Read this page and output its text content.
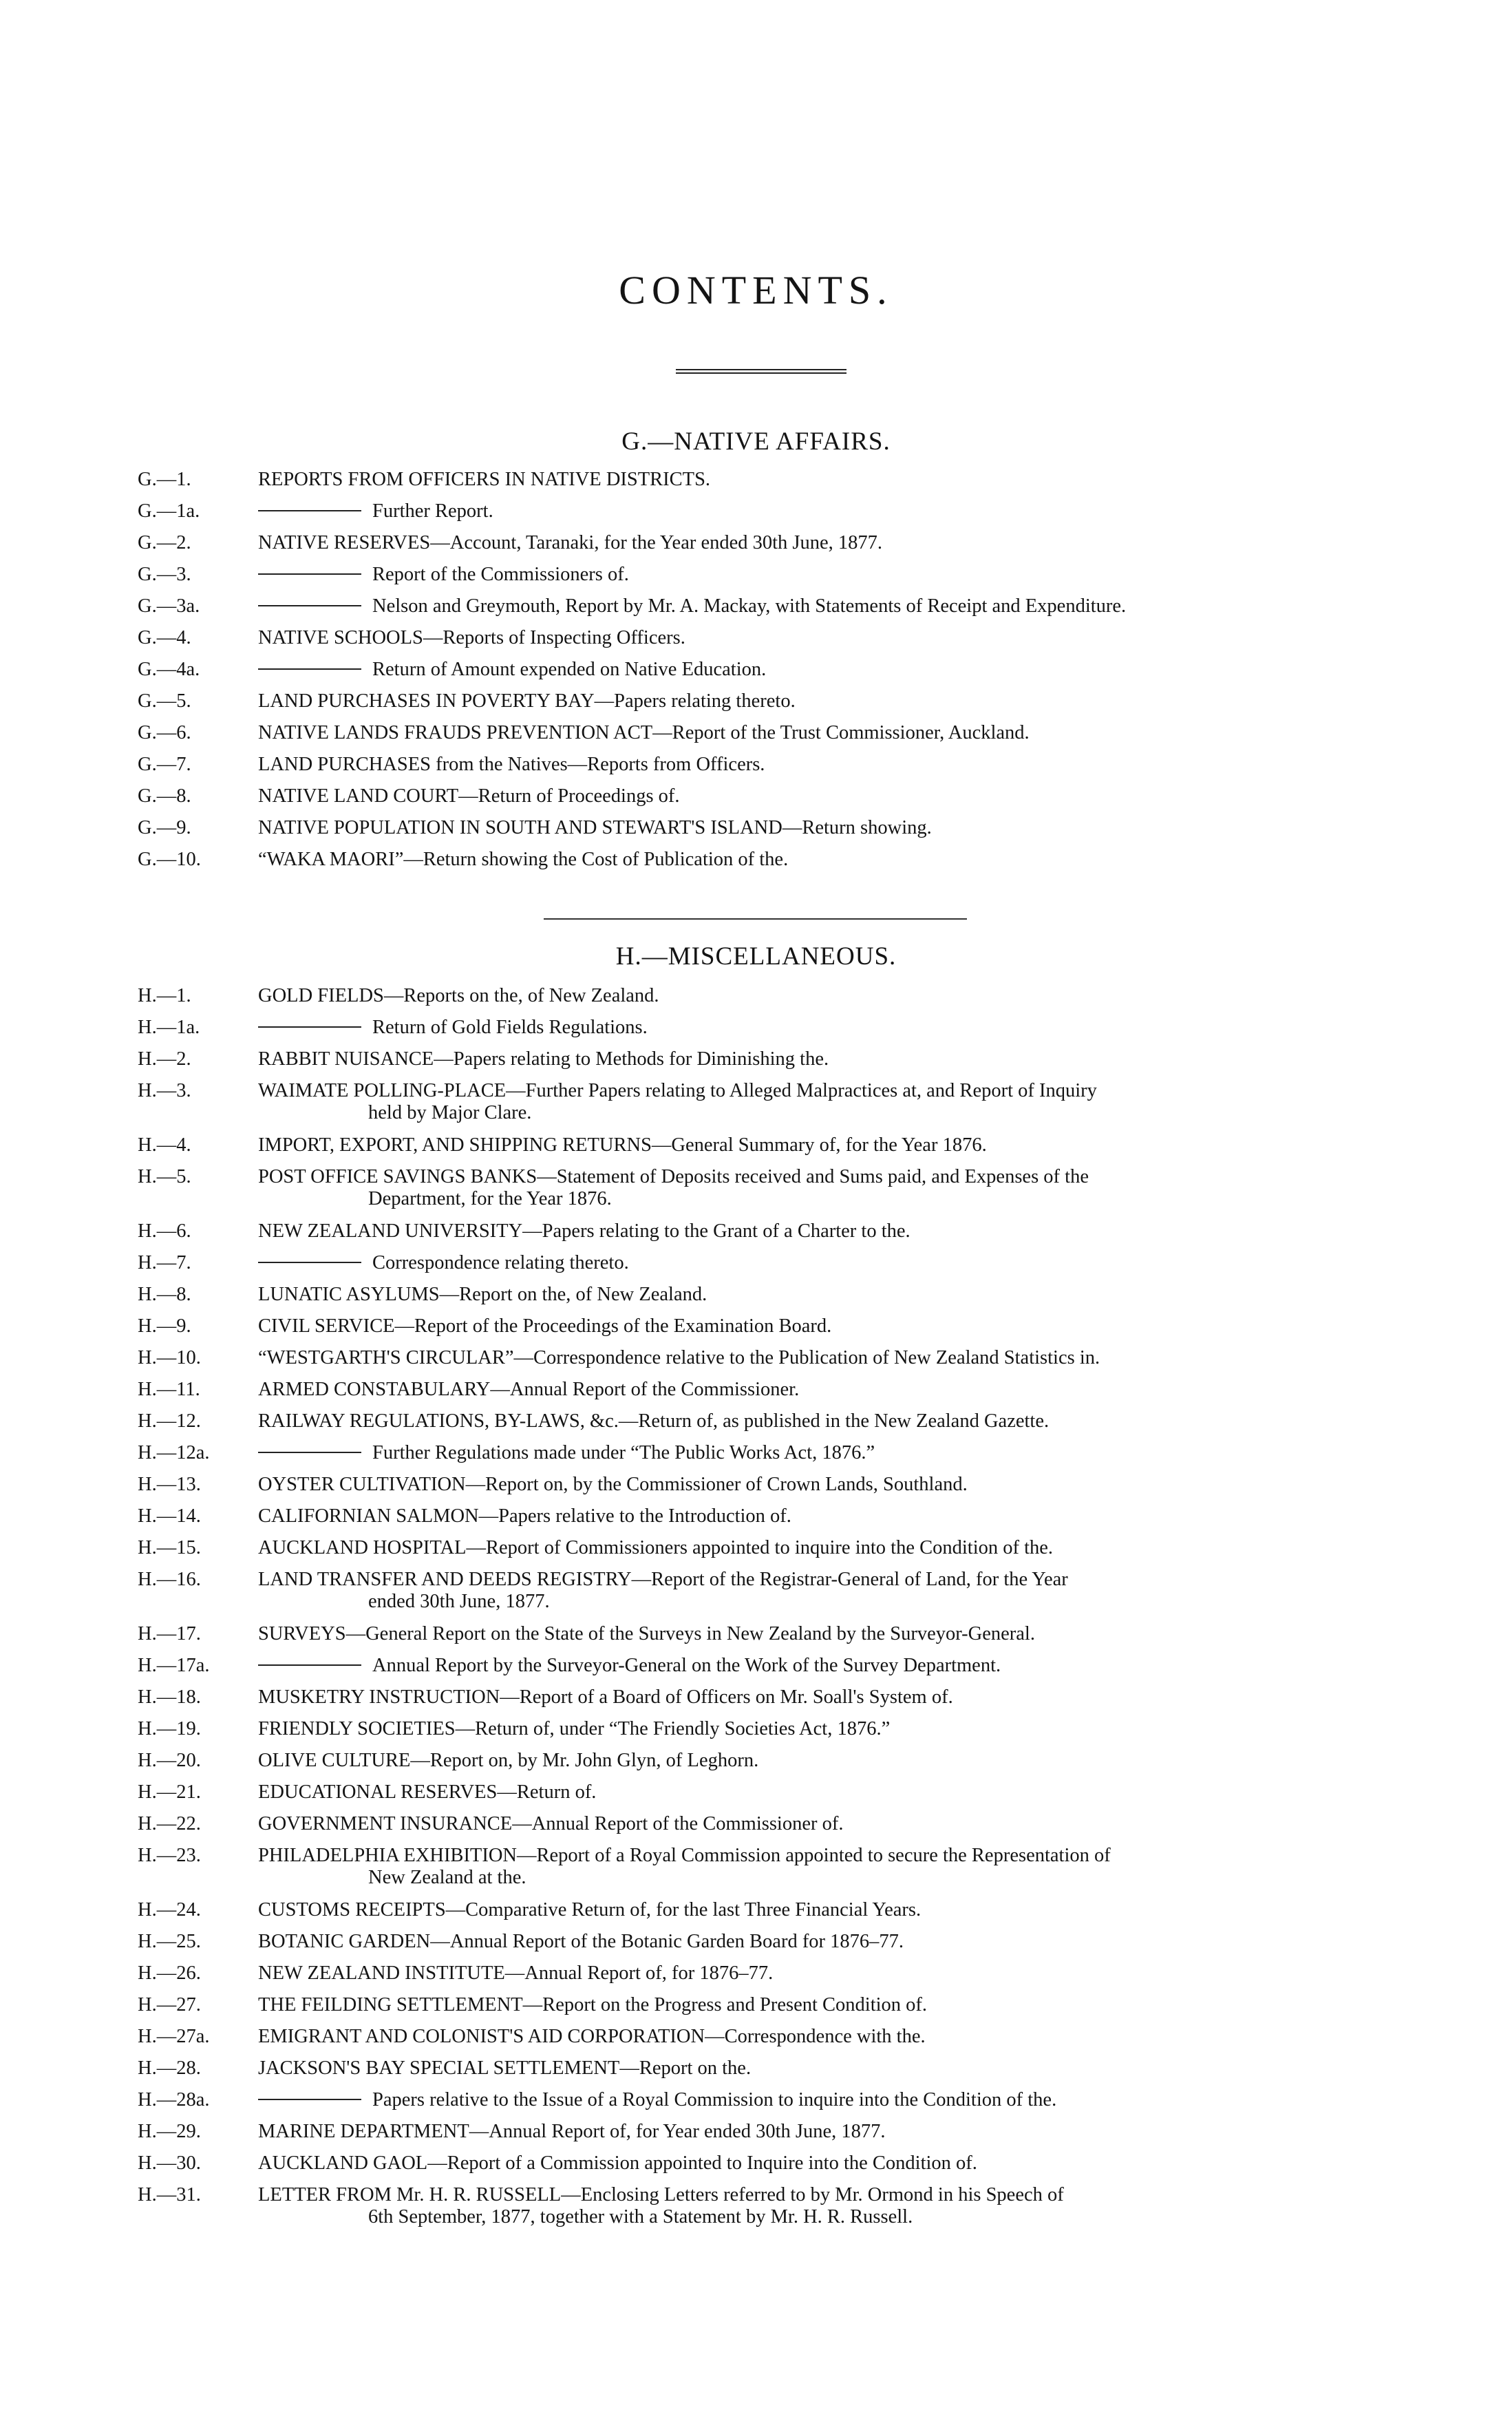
CONTENTS.
G.—NATIVE AFFAIRS.
G.—1.	REPORTS FROM OFFICERS IN NATIVE DISTRICTS.
G.—1a.	Further Report.
G.—2.	NATIVE RESERVES—Account, Taranaki, for the Year ended 30th June, 1877.
G.—3.	Report of the Commissioners of.
G.—3a.	Nelson and Greymouth, Report by Mr. A. Mackay, with Statements of Receipt and Expenditure.
G.—4.	NATIVE SCHOOLS—Reports of Inspecting Officers.
G.—4a.	Return of Amount expended on Native Education.
G.—5.	LAND PURCHASES IN POVERTY BAY—Papers relating thereto.
G.—6.	NATIVE LANDS FRAUDS PREVENTION ACT—Report of the Trust Commissioner, Auckland.
G.—7.	LAND PURCHASES from the Natives—Reports from Officers.
G.—8.	NATIVE LAND COURT—Return of Proceedings of.
G.—9.	NATIVE POPULATION IN SOUTH AND STEWART'S ISLAND—Return showing.
G.—10.	“WAKA MAORI”—Return showing the Cost of Publication of the.
H.—MISCELLANEOUS.
H.—1.	GOLD FIELDS—Reports on the, of New Zealand.
H.—1a.	Return of Gold Fields Regulations.
H.—2.	RABBIT NUISANCE—Papers relating to Methods for Diminishing the.
H.—3.	WAIMATE POLLING-PLACE—Further Papers relating to Alleged Malpractices at, and Report of Inquiry
held by Major Clare.
H.—4.	IMPORT, EXPORT, AND SHIPPING RETURNS—General Summary of, for the Year 1876.
H.—5.	POST OFFICE SAVINGS BANKS—Statement of Deposits received and Sums paid, and Expenses of the
Department, for the Year 1876.
H.—6.	NEW ZEALAND UNIVERSITY—Papers relating to the Grant of a Charter to the.
H.—7.	Correspondence relating thereto.
H.—8.	LUNATIC ASYLUMS—Report on the, of New Zealand.
H.—9.	CIVIL SERVICE—Report of the Proceedings of the Examination Board.
H.—10.	“WESTGARTH'S CIRCULAR”—Correspondence relative to the Publication of New Zealand Statistics in.
H.—11.	ARMED CONSTABULARY—Annual Report of the Commissioner.
H.—12.	RAILWAY REGULATIONS, BY-LAWS, &c.—Return of, as published in the New Zealand Gazette.
H.—12a.	Further Regulations made under “The Public Works Act, 1876.”
H.—13.	OYSTER CULTIVATION—Report on, by the Commissioner of Crown Lands, Southland.
H.—14.	CALIFORNIAN SALMON—Papers relative to the Introduction of.
H.—15.	AUCKLAND HOSPITAL—Report of Commissioners appointed to inquire into the Condition of the.
H.—16.	LAND TRANSFER AND DEEDS REGISTRY—Report of the Registrar-General of Land, for the Year
ended 30th June, 1877.
H.—17.	SURVEYS—General Report on the State of the Surveys in New Zealand by the Surveyor-General.
H.—17a.	Annual Report by the Surveyor-General on the Work of the Survey Department.
H.—18.	MUSKETRY INSTRUCTION—Report of a Board of Officers on Mr. Soall's System of.
H.—19.	FRIENDLY SOCIETIES—Return of, under “The Friendly Societies Act, 1876.”
H.—20.	OLIVE CULTURE—Report on, by Mr. John Glyn, of Leghorn.
H.—21.	EDUCATIONAL RESERVES—Return of.
H.—22.	GOVERNMENT INSURANCE—Annual Report of the Commissioner of.
H.—23.	PHILADELPHIA EXHIBITION—Report of a Royal Commission appointed to secure the Representation of
New Zealand at the.
H.—24.	CUSTOMS RECEIPTS—Comparative Return of, for the last Three Financial Years.
H.—25.	BOTANIC GARDEN—Annual Report of the Botanic Garden Board for 1876–77.
H.—26.	NEW ZEALAND INSTITUTE—Annual Report of, for 1876–77.
H.—27.	THE FEILDING SETTLEMENT—Report on the Progress and Present Condition of.
H.—27a.	EMIGRANT AND COLONIST'S AID CORPORATION—Correspondence with the.
H.—28.	JACKSON'S BAY SPECIAL SETTLEMENT—Report on the.
H.—28a.	Papers relative to the Issue of a Royal Commission to inquire into the Condition of the.
H.—29.	MARINE DEPARTMENT—Annual Report of, for Year ended 30th June, 1877.
H.—30.	AUCKLAND GAOL—Report of a Commission appointed to Inquire into the Condition of.
H.—31.	LETTER FROM Mr. H. R. RUSSELL—Enclosing Letters referred to by Mr. Ormond in his Speech of
6th September, 1877, together with a Statement by Mr. H. R. Russell.
